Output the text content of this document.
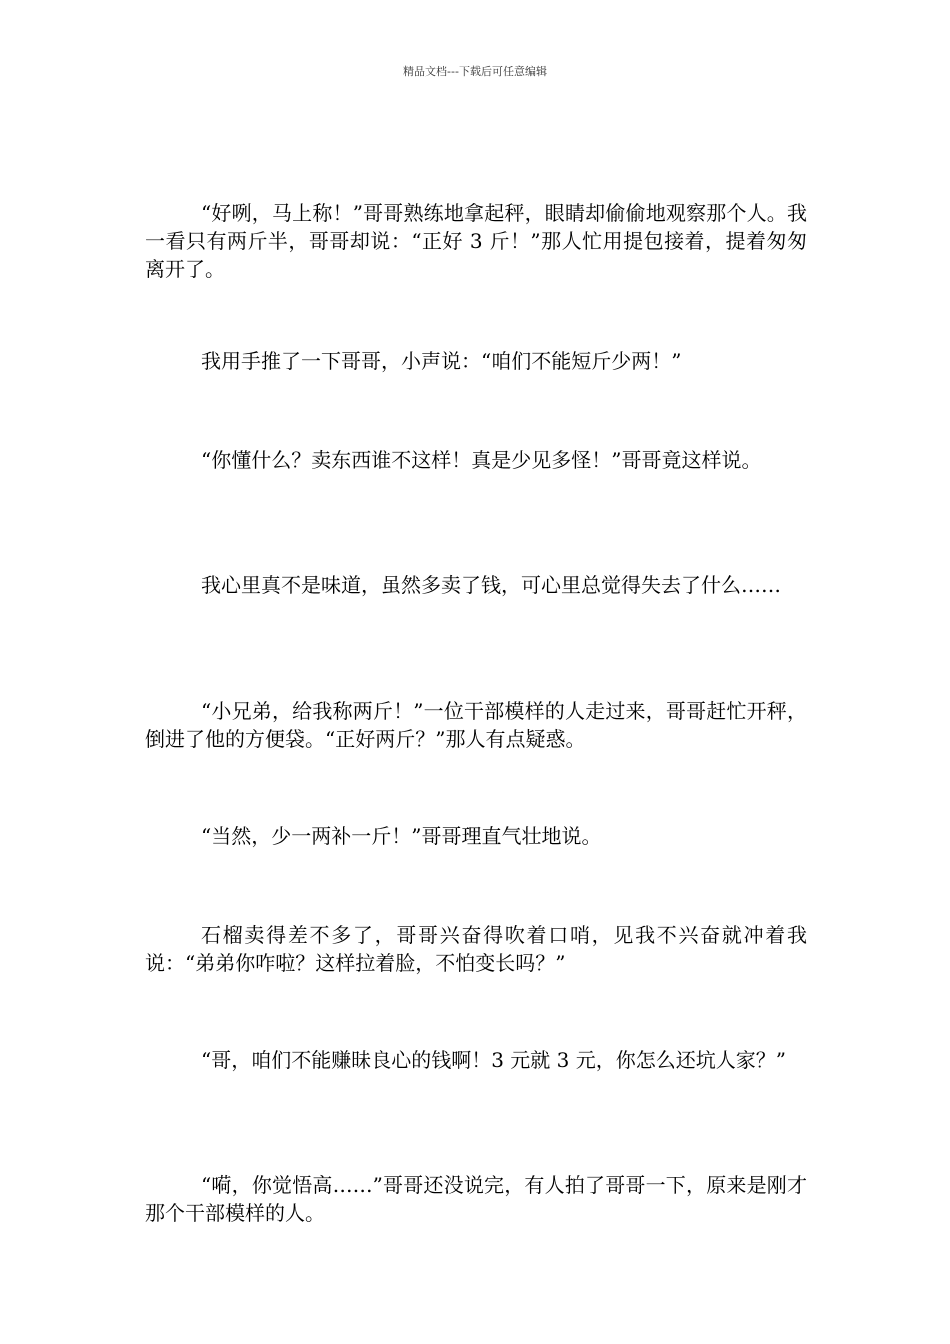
精品文档---下载后可任意编辑

“好咧，马上称！”哥哥熟练地拿起秤，眼睛却偷偷地观察那个人。我一看只有两斤半，哥哥却说：“正好 3 斤！”那人忙用提包接着，提着匆匆离开了。

我用手推了一下哥哥，小声说：“咱们不能短斤少两！”

“你懂什么？卖东西谁不这样！真是少见多怪！”哥哥竟这样说。

我心里真不是味道，虽然多卖了钱，可心里总觉得失去了什么……

“小兄弟，给我称两斤！”一位干部模样的人走过来，哥哥赶忙开秤，倒进了他的方便袋。“正好两斤？”那人有点疑惑。

“当然，少一两补一斤！”哥哥理直气壮地说。

石榴卖得差不多了，哥哥兴奋得吹着口哨，见我不兴奋就冲着我说：“弟弟你咋啦？这样拉着脸，不怕变长吗？”

“哥，咱们不能赚昧良心的钱啊！3 元就 3 元，你怎么还坑人家？”

“嗬，你觉悟高……”哥哥还没说完，有人拍了哥哥一下，原来是刚才那个干部模样的人。
